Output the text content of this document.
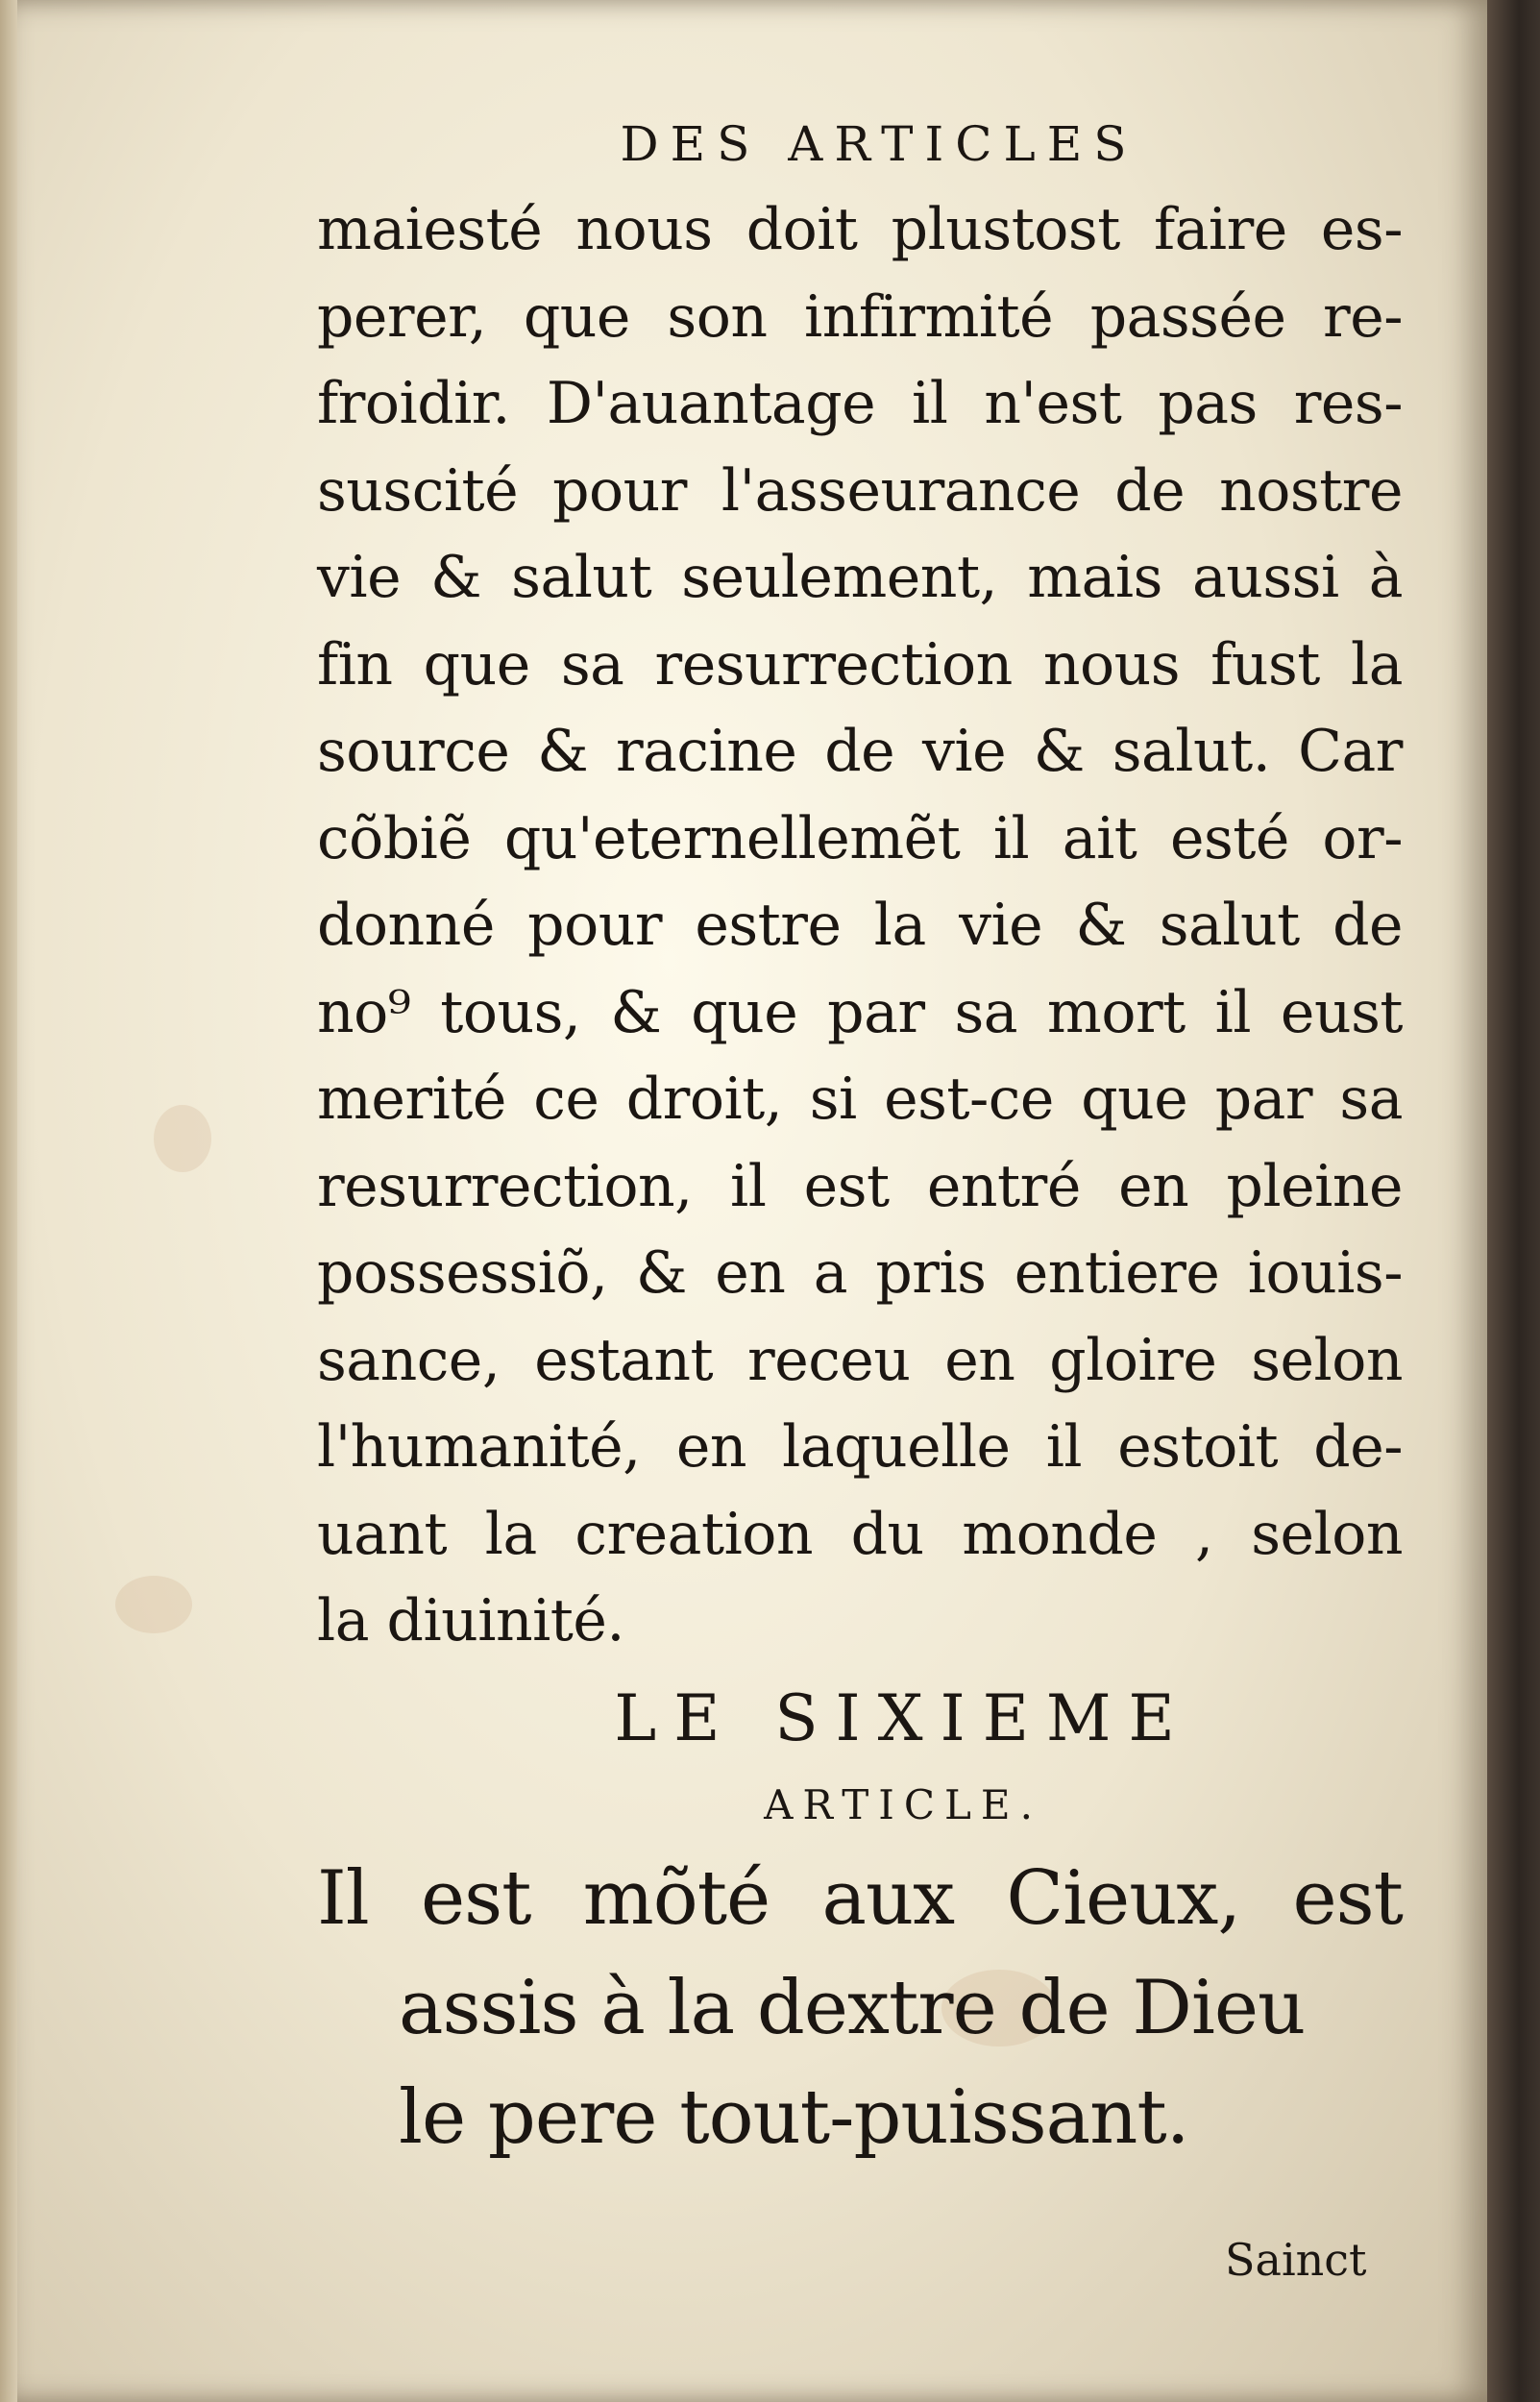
DES ARTICLES
maiesté nous doit plustost faire es-
perer, que son infirmité passée re-
froidir. D'auantage il n'est pas res-
suscité pour l'asseurance de nostre
vie & salut seulement, mais aussi à
fin que sa resurrection nous fust la
source & racine de vie & salut. Car
cõbiẽ qu'eternellemẽt il ait esté or-
donné pour estre la vie & salut de
no⁹ tous, & que par sa mort il eust
merité ce droit, si est-ce que par sa
resurrection, il est entré en pleine
possessiõ, & en a pris entiere iouis-
sance, estant receu en gloire selon
l'humanité, en laquelle il estoit de-
uant la creation du monde , selon
la diuinité.
LE SIXIEME
ARTICLE.
Il est mõté aux Cieux, est
assis à la dextre de Dieu
le pere tout-puissant.
Sainct
